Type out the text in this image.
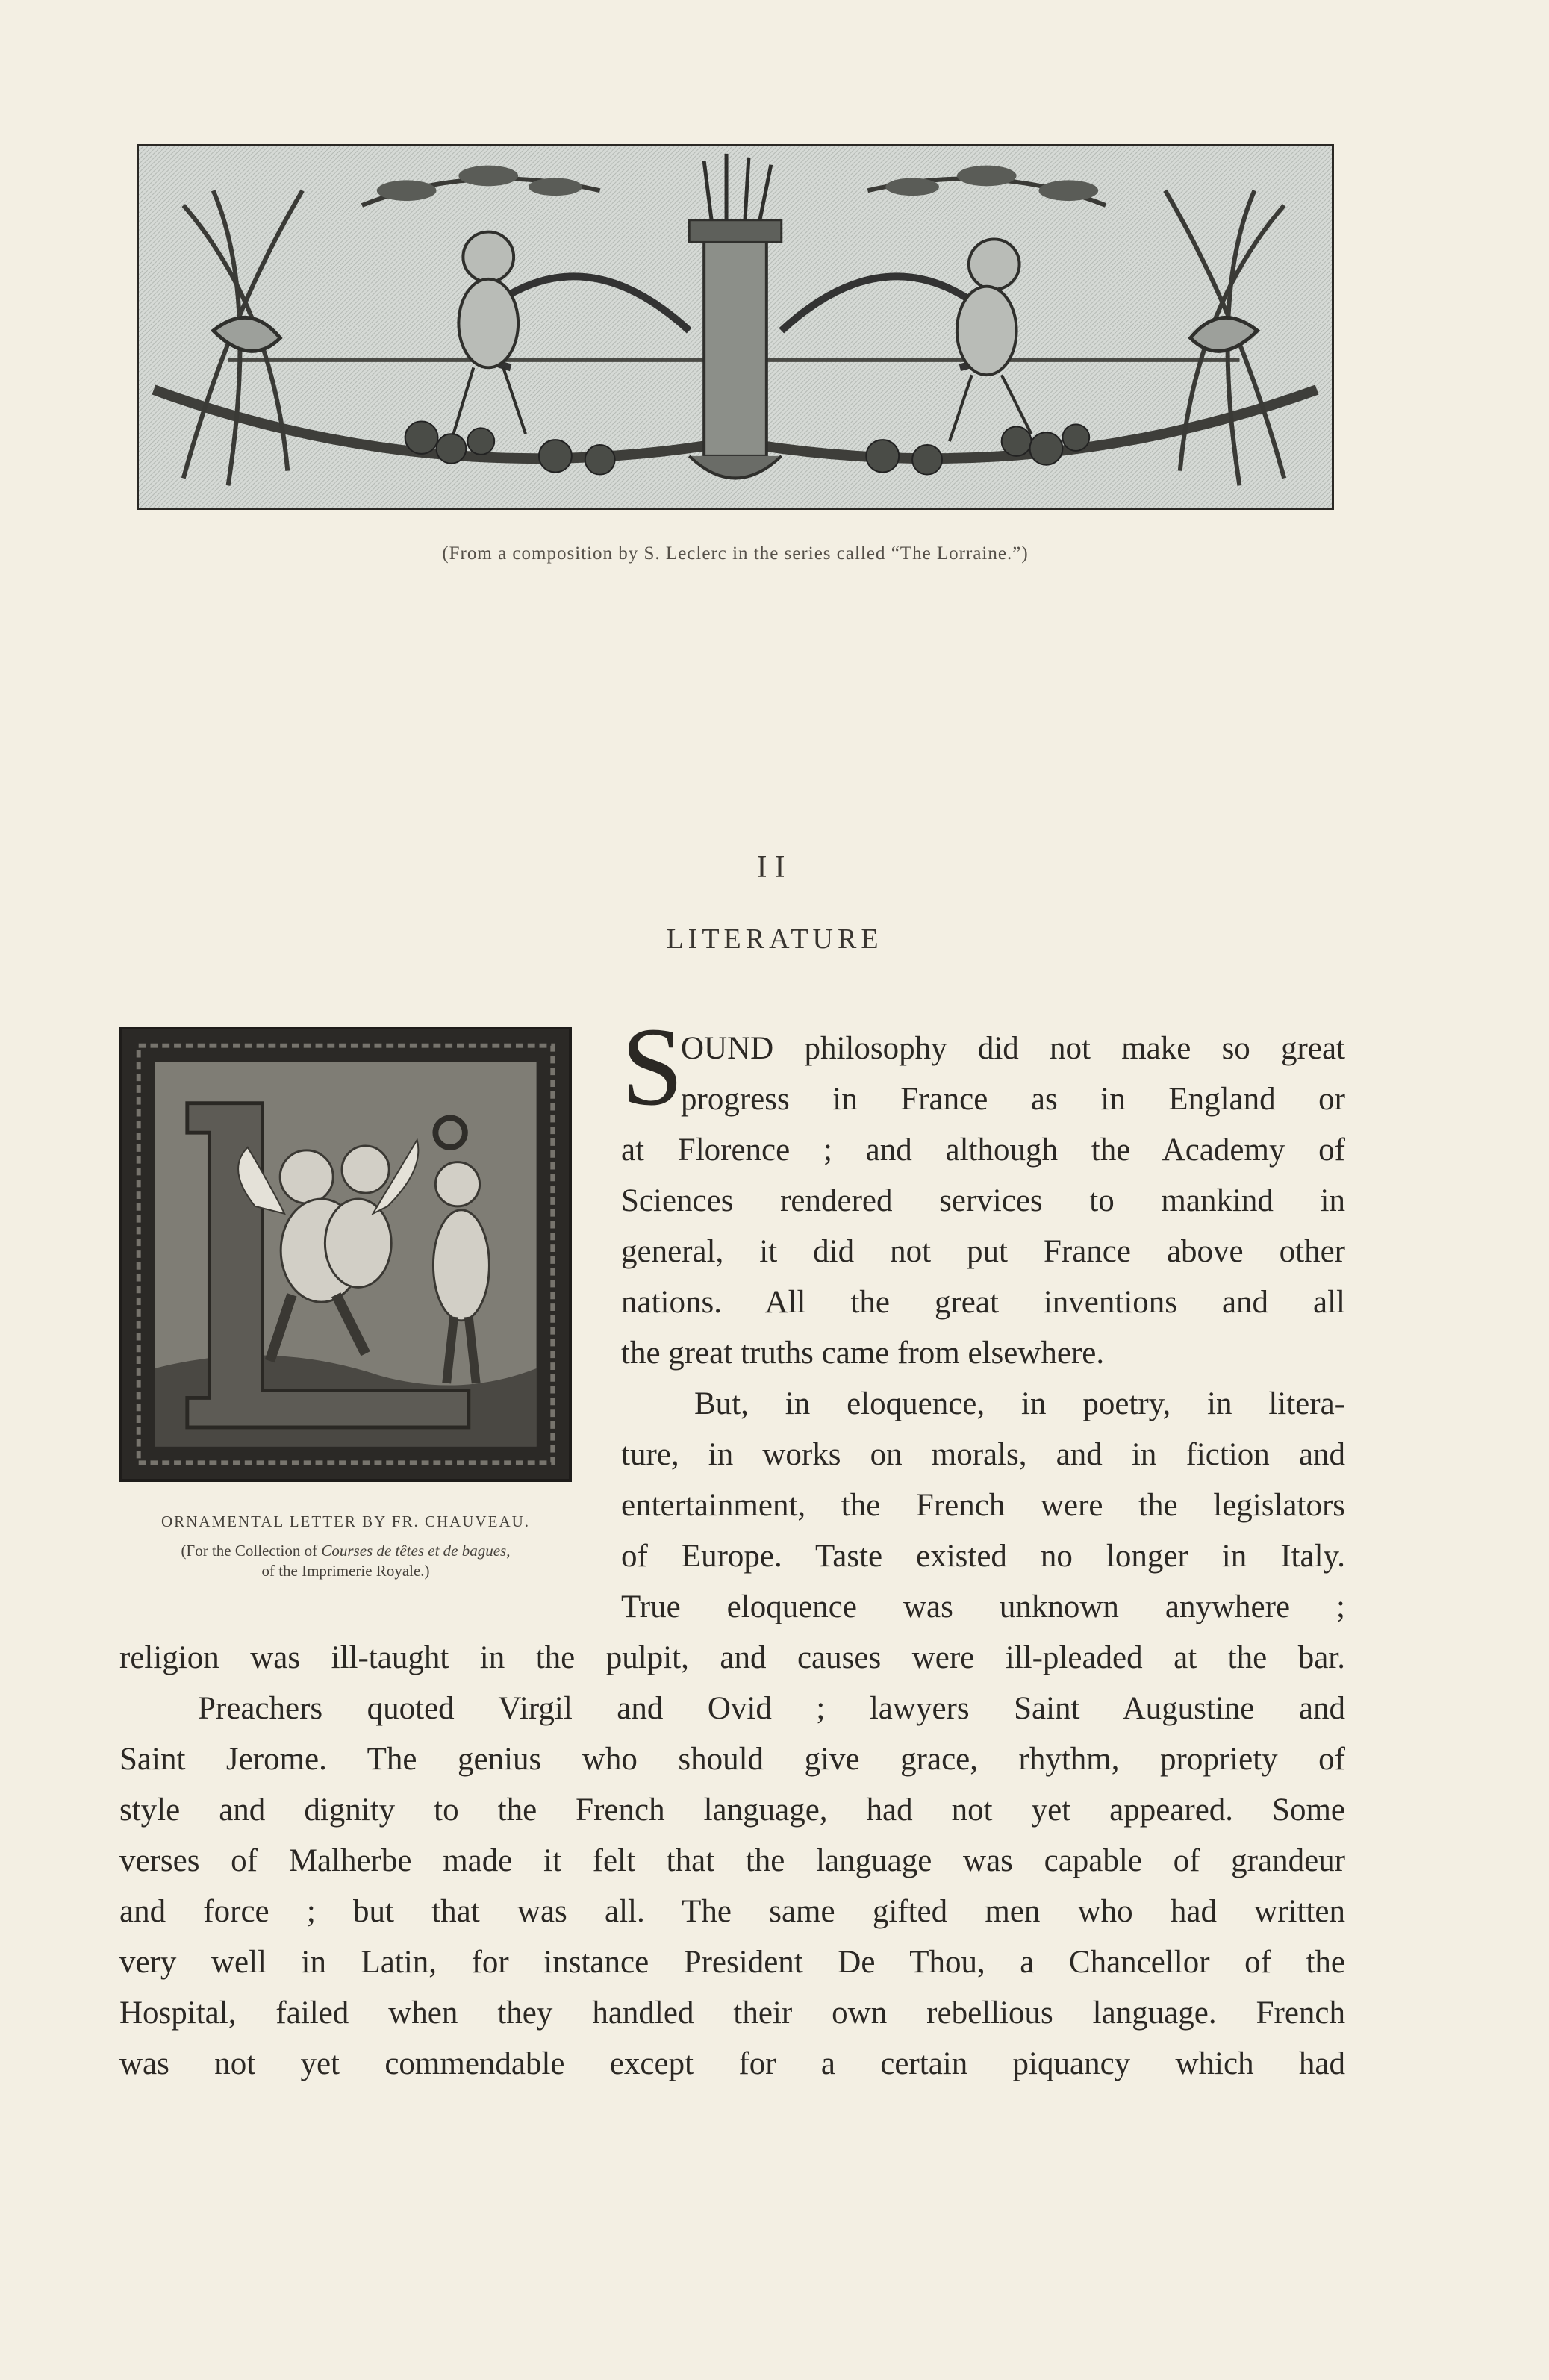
(From a composition by S. Leclerc in the series called “The Lorraine.”)
II
LITERATURE
ORNAMENTAL LETTER BY FR. CHAUVEAU.
(For the Collection of Courses de têtes et de bagues,
of the Imprimerie Royale.)
S
OUND philosophy did not make so great
progress in France as in England or
at Florence ; and although the Academy of
Sciences rendered services to mankind in
general, it did not put France above other
nations. All the great inventions and all
the great truths came from elsewhere.
But, in eloquence, in poetry, in litera-
ture, in works on morals, and in fiction and
entertainment, the French were the legislators
of Europe. Taste existed no longer in Italy.
True eloquence was unknown anywhere ;
religion was ill-taught in the pulpit, and causes were ill-pleaded at the bar.
Preachers quoted Virgil and Ovid ; lawyers Saint Augustine and
Saint Jerome. The genius who should give grace, rhythm, propriety of
style and dignity to the French language, had not yet appeared. Some
verses of Malherbe made it felt that the language was capable of grandeur
and force ; but that was all. The same gifted men who had written
very well in Latin, for instance President De Thou, a Chancellor of the
Hospital, failed when they handled their own rebellious language. French
was not yet commendable except for a certain piquancy which had
